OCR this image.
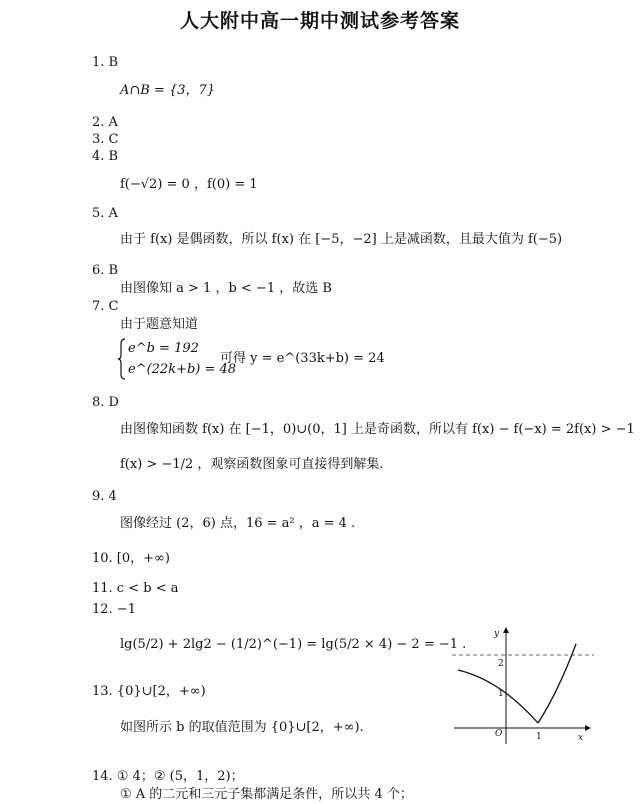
人大附中高一期中测试参考答案
1. B
A∩B = {3，7}
2. A
3. C
4. B
f(−√2) = 0 ，f(0) = 1
5. A
由于 f(x) 是偶函数，所以 f(x) 在 [−5，−2] 上是减函数，且最大值为 f(−5)
6. B
由图像知 a > 1 ，b < −1 ，故选 B
7. C
由于题意知道
e^b = 192
e^(22k+b) = 48
可得 y = e^(33k+b) = 24
8. D
由图像知函数 f(x) 在 [−1，0)∪(0，1] 上是奇函数，所以有 f(x) − f(−x) = 2f(x) > −1
f(x) > −1/2 ，观察函数图象可直接得到解集.
9. 4
图像经过 (2，6) 点，16 = a² ，a = 4 .
10. [0，+∞)
11. c < b < a
12. −1
lg(5/2) + 2lg2 − (1/2)^(−1) = lg(5/2 × 4) − 2 = −1 .
13. {0}∪[2，+∞)
如图所示 b 的取值范围为 {0}∪[2，+∞).
14. ① 4；② (5，1，2)；
① A 的二元和三元子集都满足条件，所以共 4 个；
y
x
O
2
1
1
